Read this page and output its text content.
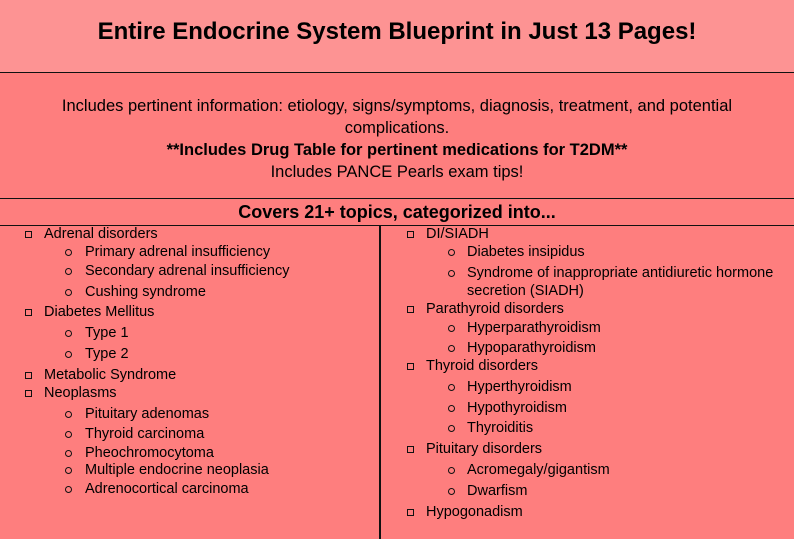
Entire Endocrine System Blueprint in Just 13 Pages!

Includes pertinent information: etiology, signs/symptoms, diagnosis, treatment, and potential complications.

**Includes Drug Table for pertinent medications for T2DM**

Includes PANCE Pearls exam tips!

Covers 21+ topics, categorized into...
Adrenal disorders
Primary adrenal insufficiency
Secondary adrenal insufficiency
Cushing syndrome
Diabetes Mellitus
Type 1
Type 2
Metabolic Syndrome
Neoplasms
Pituitary adenomas
Thyroid carcinoma
Pheochromocytoma
Multiple endocrine neoplasia
Adrenocortical carcinoma
DI/SIADH
Diabetes insipidus
Syndrome of inappropriate antidiuretic hormone secretion (SIADH)
Parathyroid disorders
Hyperparathyroidism
Hypoparathyroidism
Thyroid disorders
Hyperthyroidism
Hypothyroidism
Thyroiditis
Pituitary disorders
Acromegaly/gigantism
Dwarfism
Hypogonadism
